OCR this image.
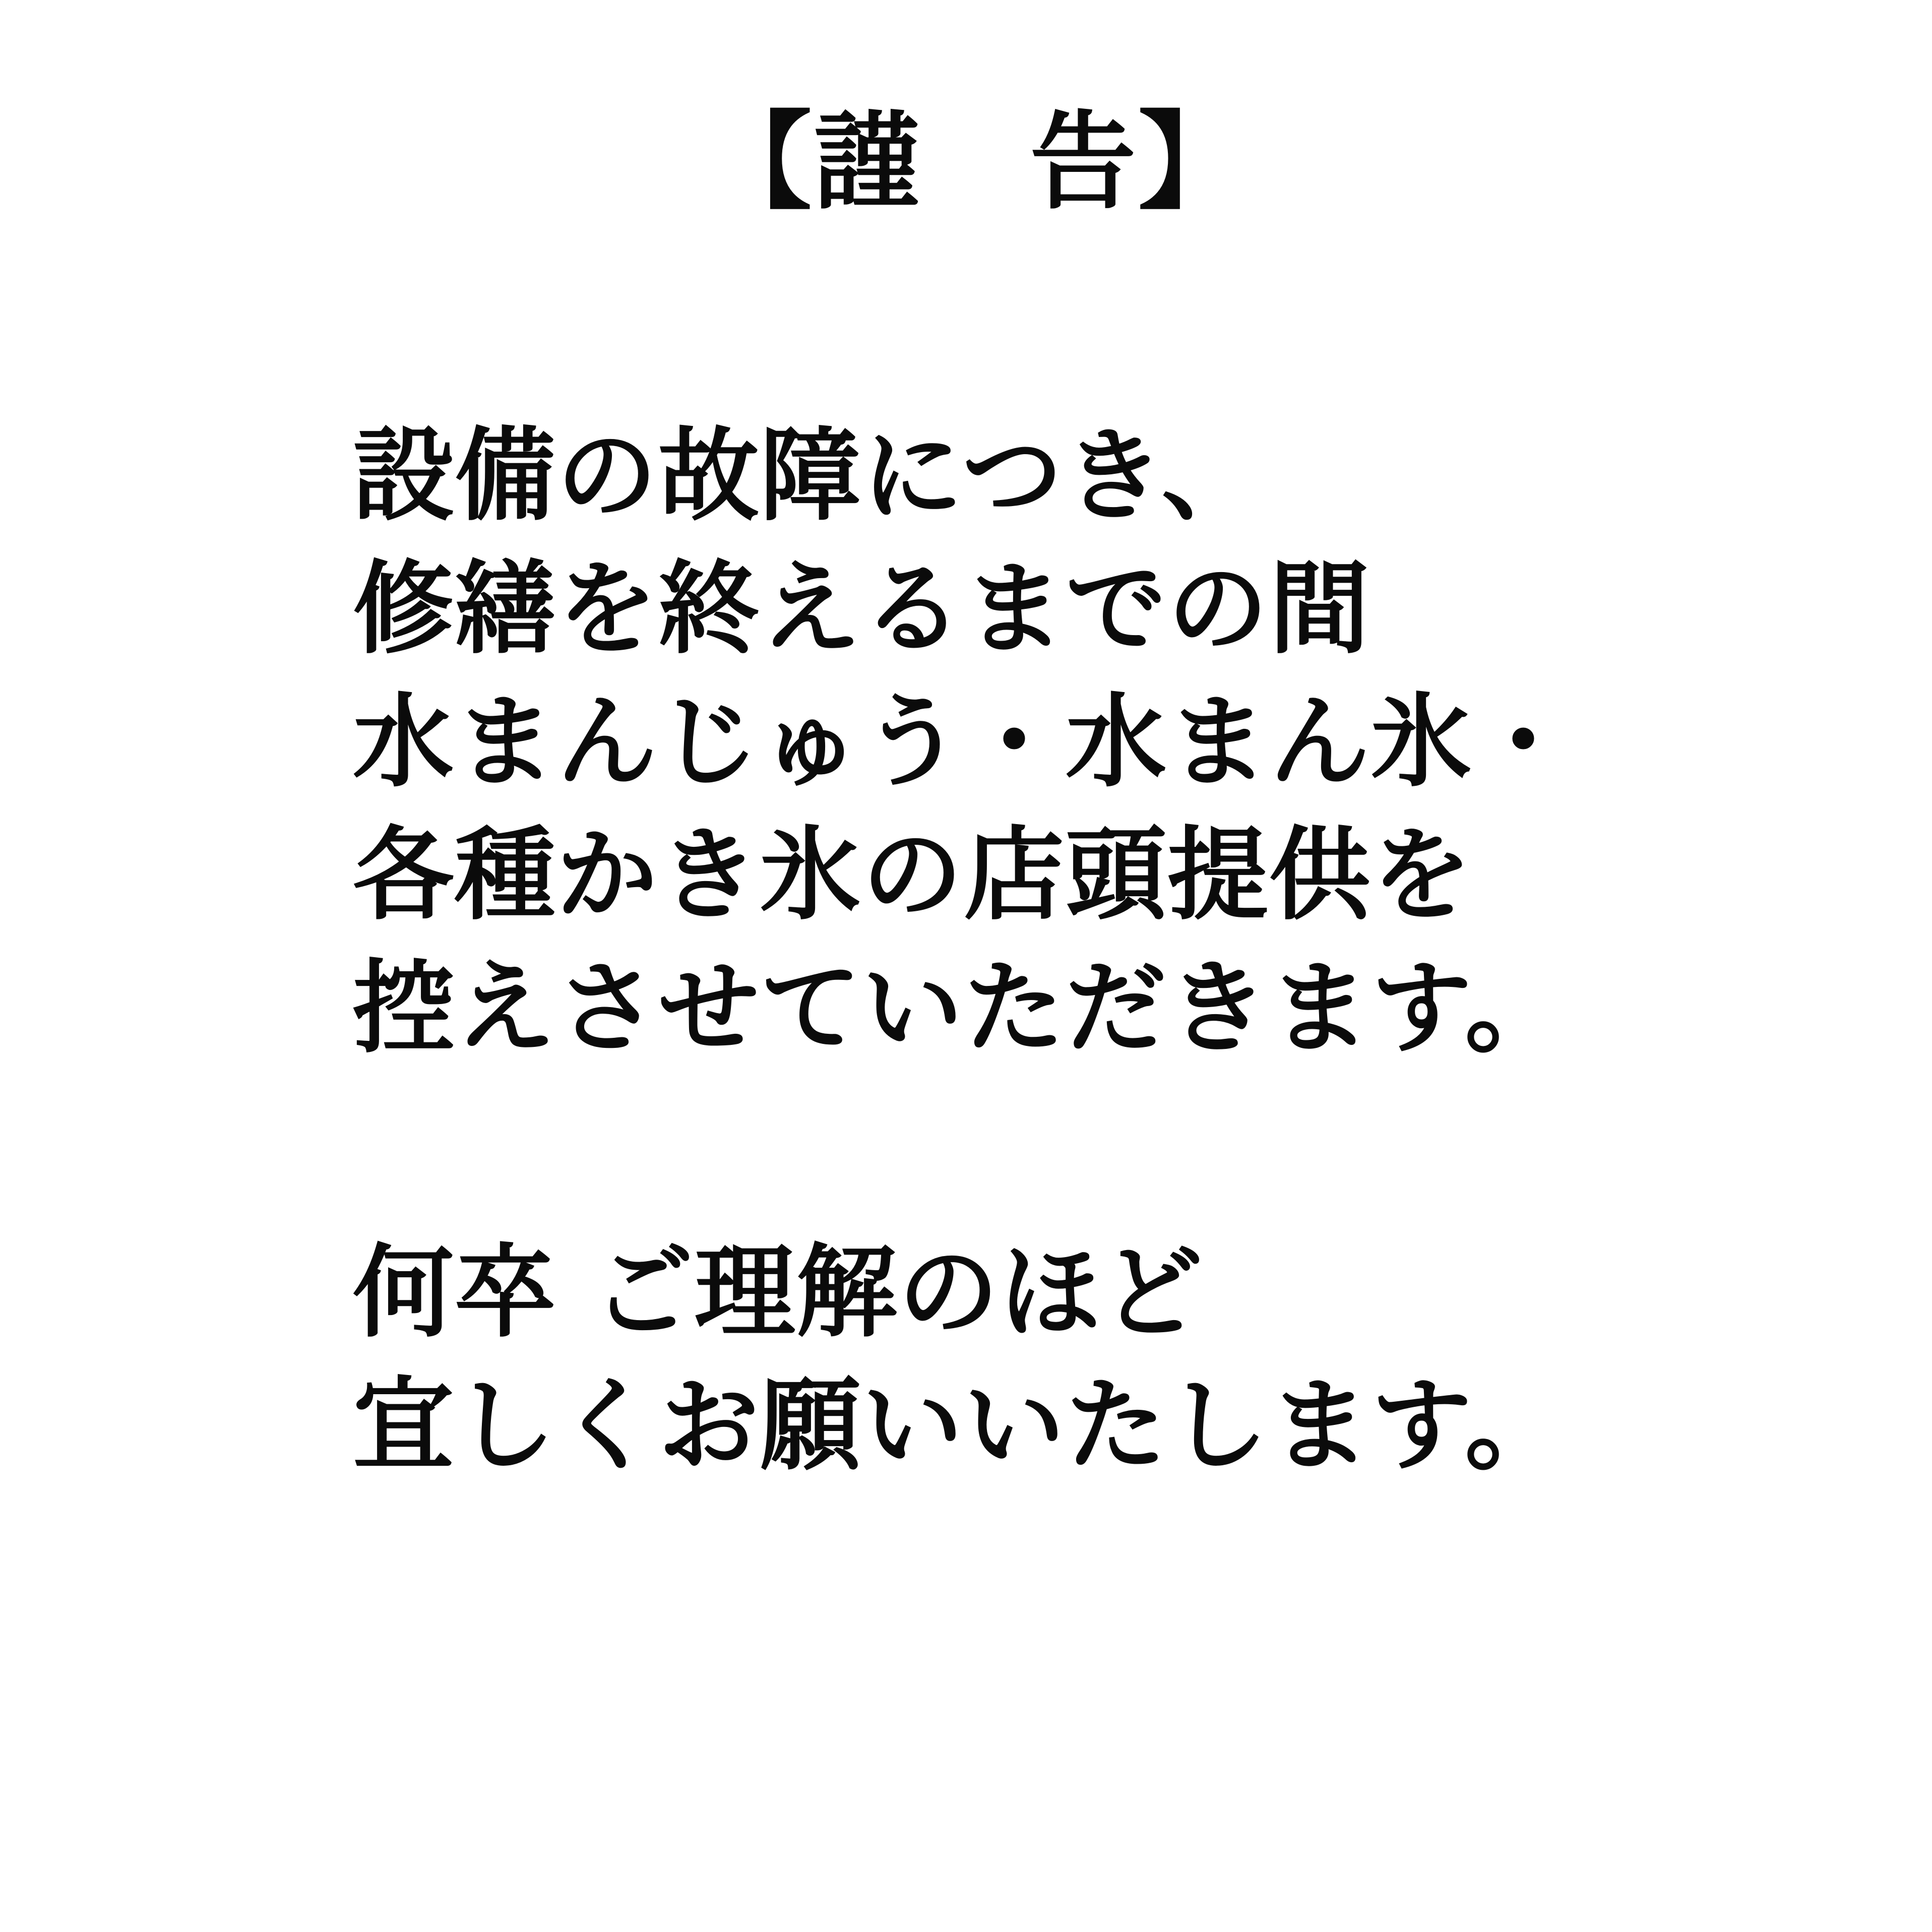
【謹　告】
設備の故障につき、
修繕を終えるまでの間
水まんじゅう・水まん氷・
各種かき氷の店頭提供を
控えさせていただきます。
何卒 ご理解のほど
宜しくお願いいたします。
